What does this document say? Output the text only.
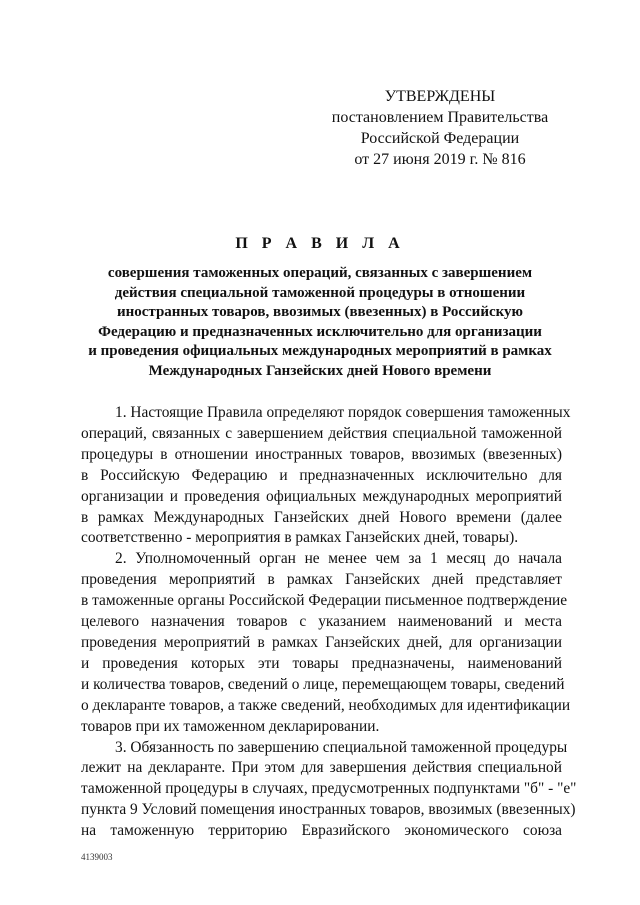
УТВЕРЖДЕНЫ
постановлением Правительства
Российской Федерации
от 27 июня 2019 г. № 816
П Р А В И Л А
совершения таможенных операций, связанных с завершением
действия специальной таможенной процедуры в отношении
иностранных товаров, ввозимых (ввезенных) в Российскую
Федерацию и предназначенных исключительно для организации
и проведения официальных международных мероприятий в рамках
Международных Ганзейских дней Нового времени

1. Настоящие Правила определяют порядок совершения таможенных
операций, связанных с завершением действия специальной таможенной
процедуры в отношении иностранных товаров, ввозимых (ввезенных)
в Российскую Федерацию и предназначенных исключительно для
организации и проведения официальных международных мероприятий
в рамках Международных Ганзейских дней Нового времени (далее
соответственно - мероприятия в рамках Ганзейских дней, товары).

2. Уполномоченный орган не менее чем за 1 месяц до начала
проведения мероприятий в рамках Ганзейских дней представляет
в таможенные органы Российской Федерации письменное подтверждение
целевого назначения товаров с указанием наименований и места
проведения мероприятий в рамках Ганзейских дней, для организации
и проведения которых эти товары предназначены, наименований
и количества товаров, сведений о лице, перемещающем товары, сведений
о декларанте товаров, а также сведений, необходимых для идентификации
товаров при их таможенном декларировании.

3. Обязанность по завершению специальной таможенной процедуры
лежит на декларанте. При этом для завершения действия специальной
таможенной процедуры в случаях, предусмотренных подпунктами "б" - "е"
пункта 9 Условий помещения иностранных товаров, ввозимых (ввезенных)
на таможенную территорию Евразийского экономического союза

4139003
